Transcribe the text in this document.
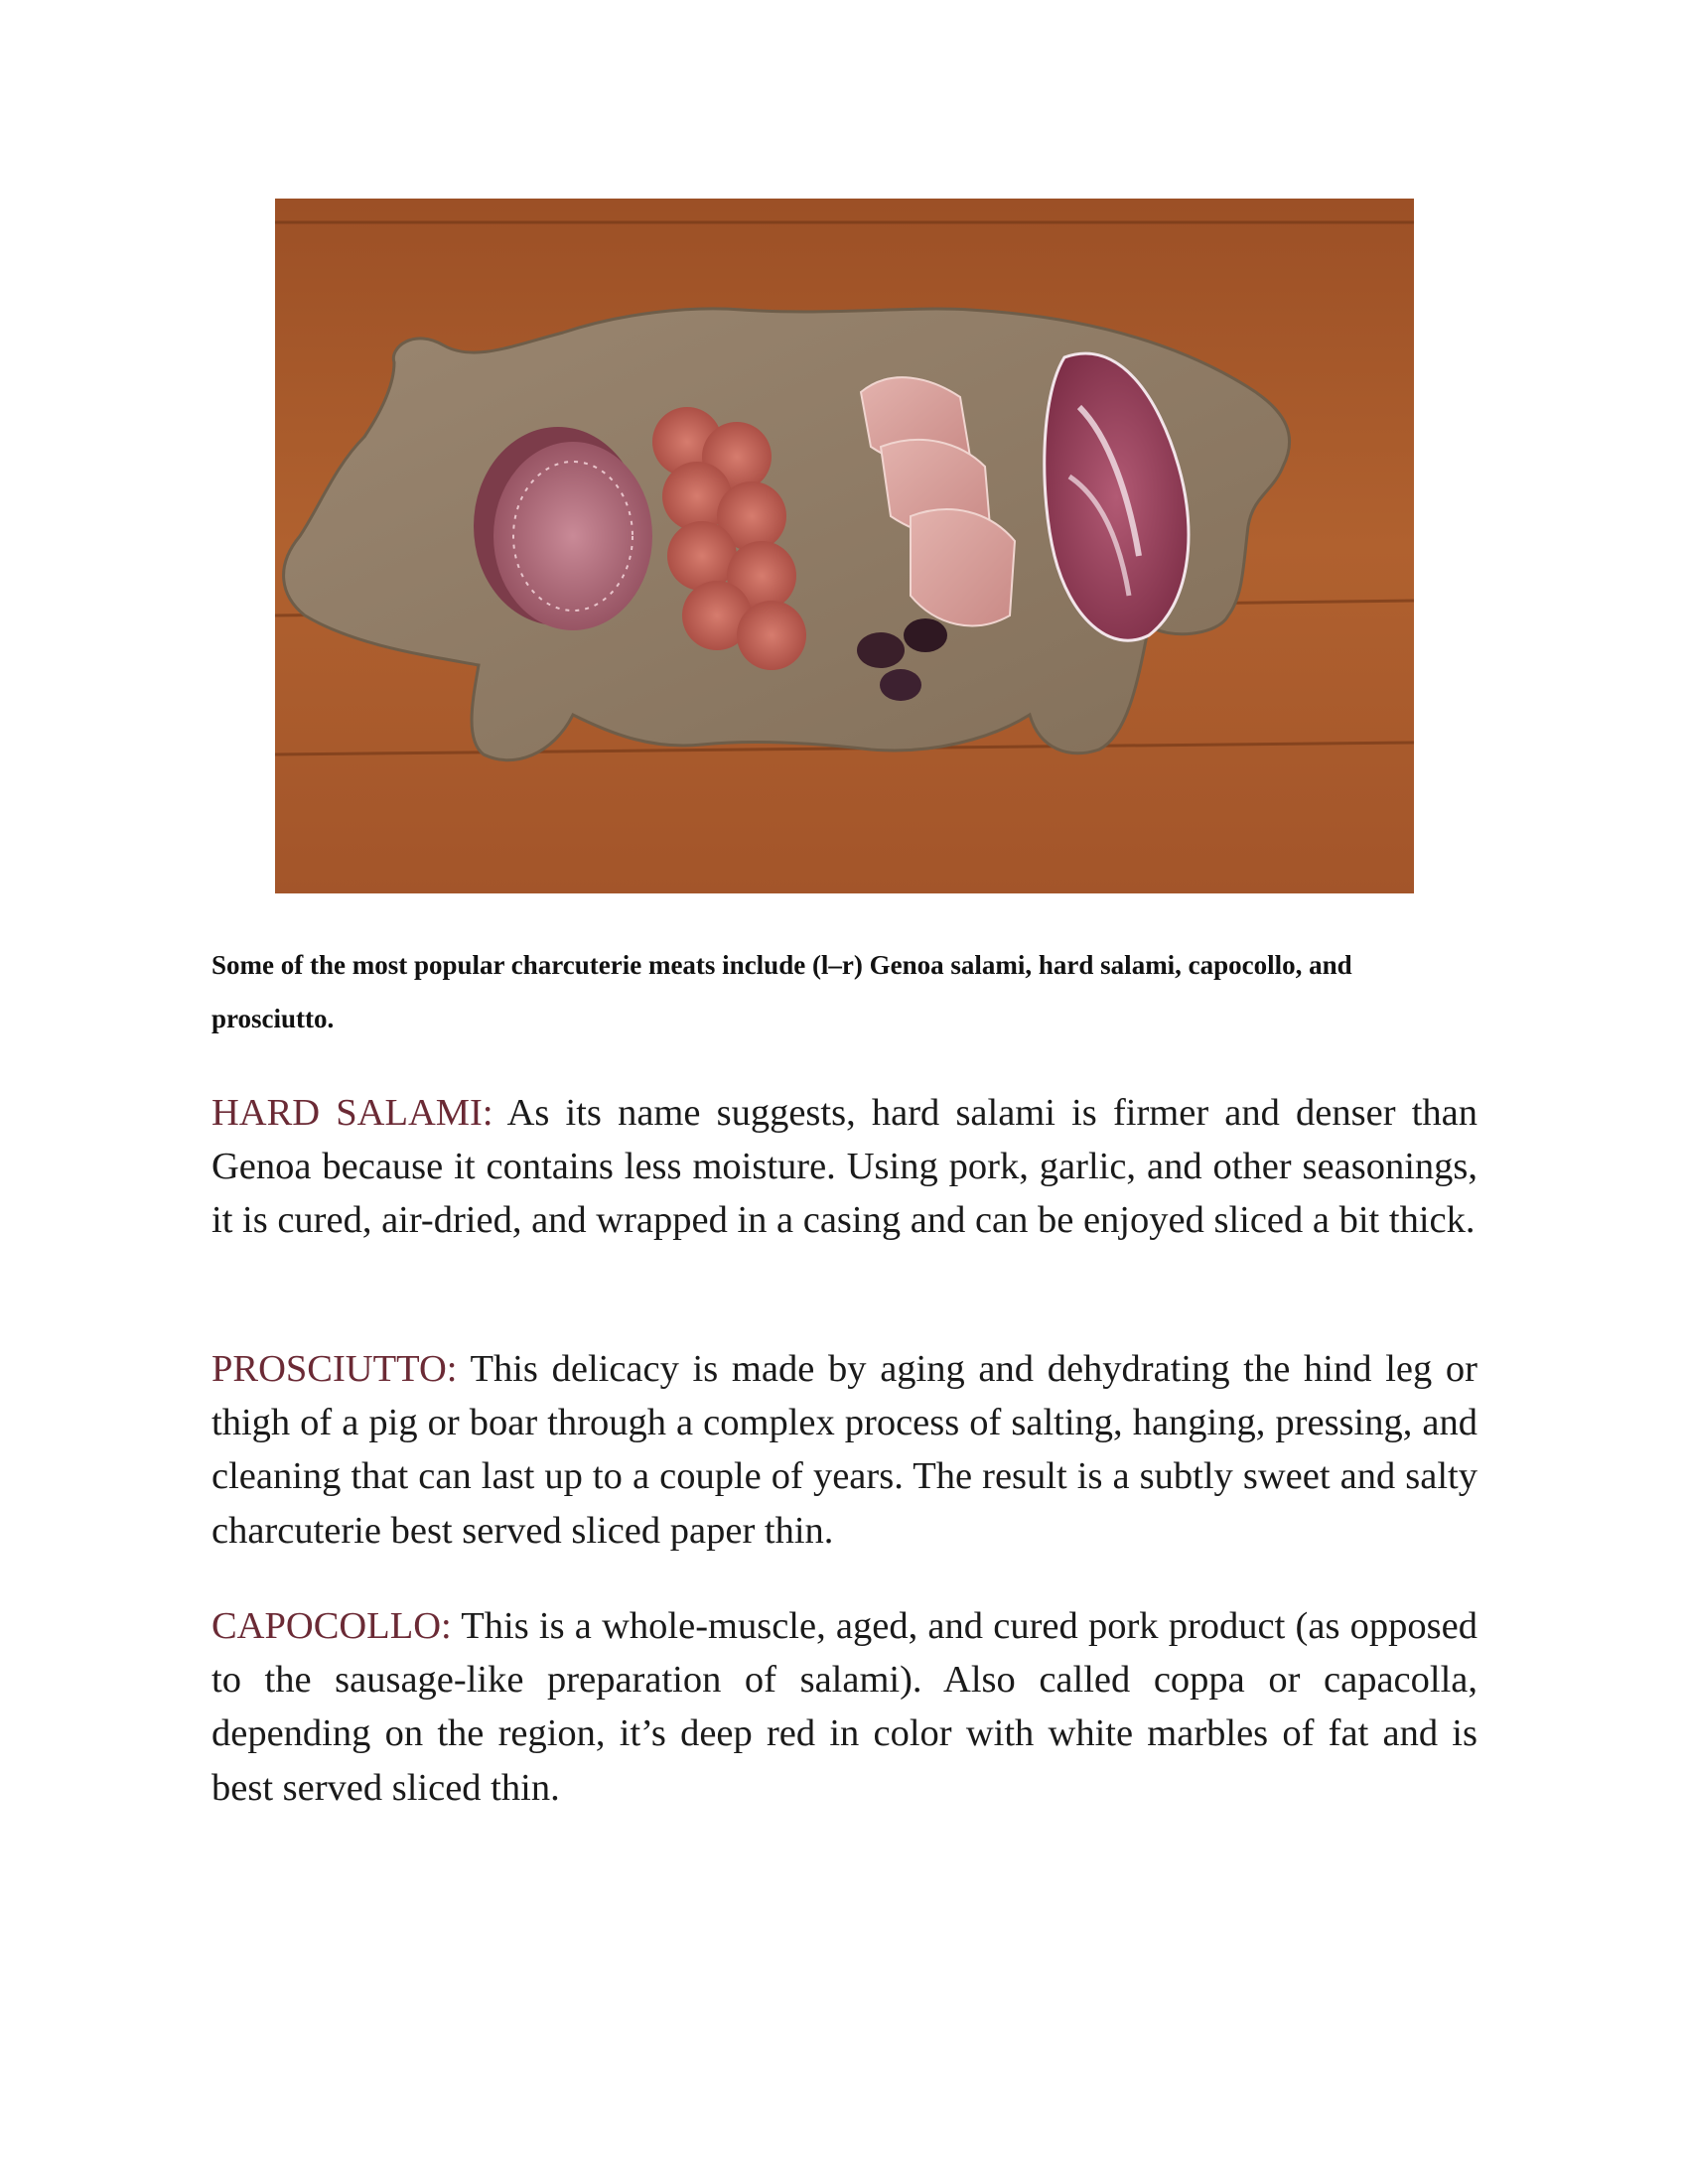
Some of the most popular charcuterie meats include (l–r) Genoa salami, hard salami, capocollo, and prosciutto.

HARD SALAMI: As its name suggests, hard salami is firmer and denser than Genoa because it contains less moisture. Using pork, garlic, and other seasonings, it is cured, air-dried, and wrapped in a casing and can be enjoyed sliced a bit thick.

PROSCIUTTO: This delicacy is made by aging and dehydrating the hind leg or thigh of a pig or boar through a complex process of salting, hanging, pressing, and cleaning that can last up to a couple of years. The result is a subtly sweet and salty charcuterie best served sliced paper thin.

CAPOCOLLO: This is a whole-muscle, aged, and cured pork product (as opposed to the sausage-like preparation of salami). Also called coppa or capacolla, depending on the region, it’s deep red in color with white marbles of fat and is best served sliced thin.
